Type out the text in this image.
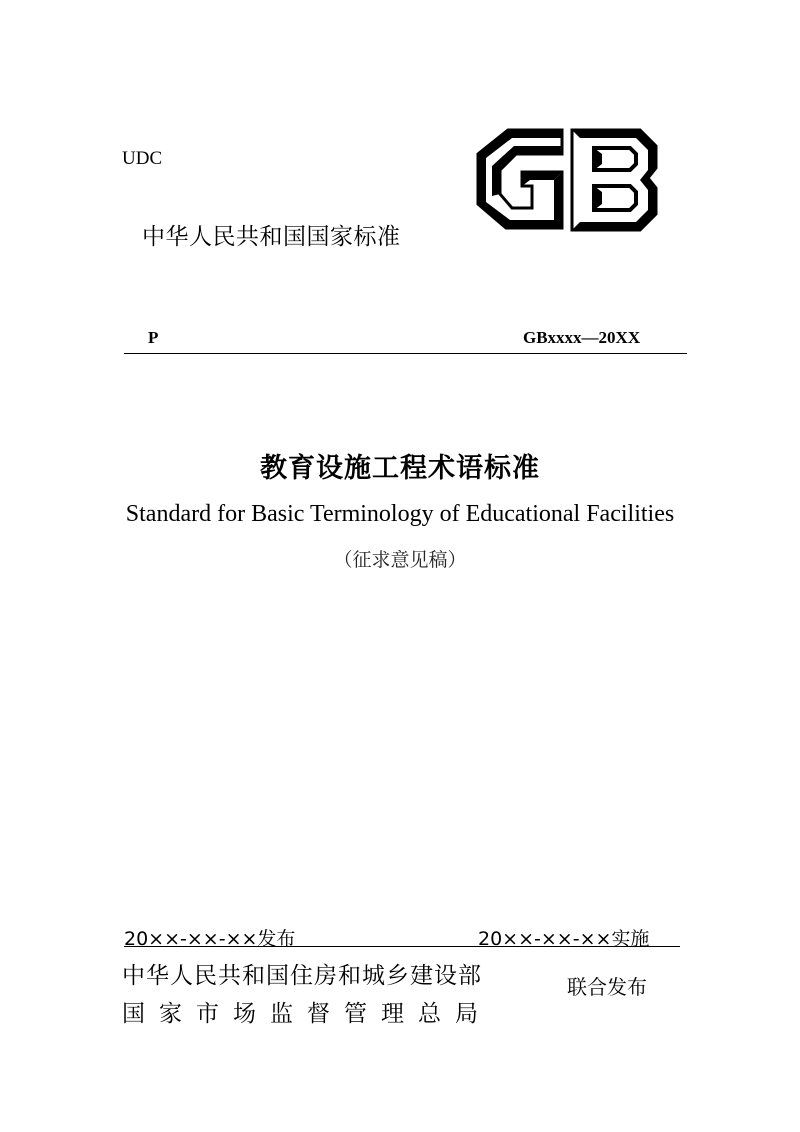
UDC
中华人民共和国国家标准
P	GBxxxx—20XX
教育设施工程术语标准
Standard for Basic Terminology of Educational Facilities
（征求意见稿）
20××-××-××发布	20××-××-××实施
中华人民共和国住房和城乡建设部
国家市场监督管理总局
联合发布
